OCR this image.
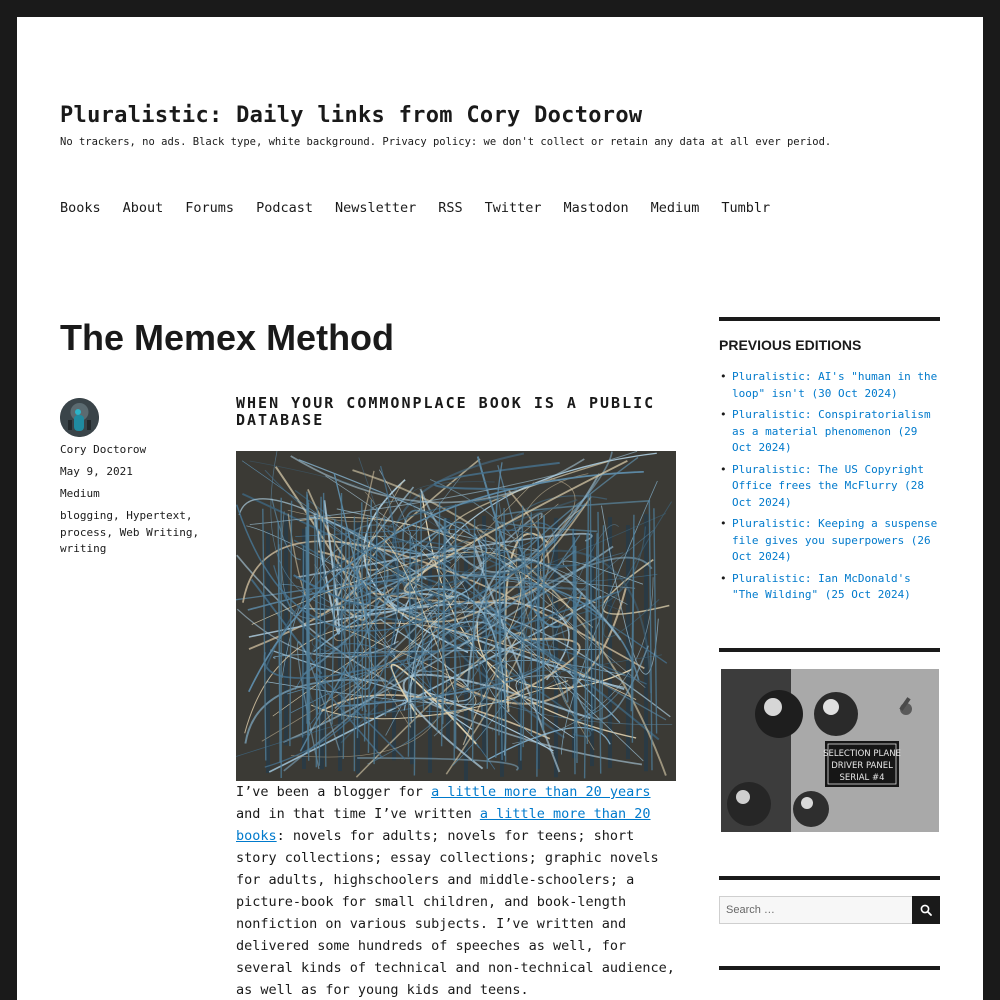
Pluralistic: Daily links from Cory Doctorow
No trackers, no ads. Black type, white background. Privacy policy: we don't collect or retain any data at all ever period.
Books About Forums Podcast Newsletter RSS Twitter Mastodon Medium Tumblr
The Memex Method
Cory Doctorow
May 9, 2021
Medium
blogging, Hypertext, process, Web Writing, writing
WHEN YOUR COMMONPLACE BOOK IS A PUBLIC DATABASE
I’ve been a blogger for a little more than 20 years and in that time I’ve written a little more than 20 books: novels for adults; novels for teens; short story collections; essay collections; graphic novels for adults, highschoolers and middle-schoolers; a picture-book for small children, and book-length nonfiction on various subjects. I’ve written and delivered some hundreds of speeches as well, for several kinds of technical and non-technical audience, as well as for young kids and teens.
PREVIOUS EDITIONS
• Pluralistic: AI's "human in the loop" isn't (30 Oct 2024)
• Pluralistic: Conspiratorialism as a material phenomenon (29 Oct 2024)
• Pluralistic: The US Copyright Office frees the McFlurry (28 Oct 2024)
• Pluralistic: Keeping a suspense file gives you superpowers (26 Oct 2024)
• Pluralistic: Ian McDonald's "The Wilding" (25 Oct 2024)
SELECTION PLANE
DRIVER PANEL
SERIAL #4
Search …
